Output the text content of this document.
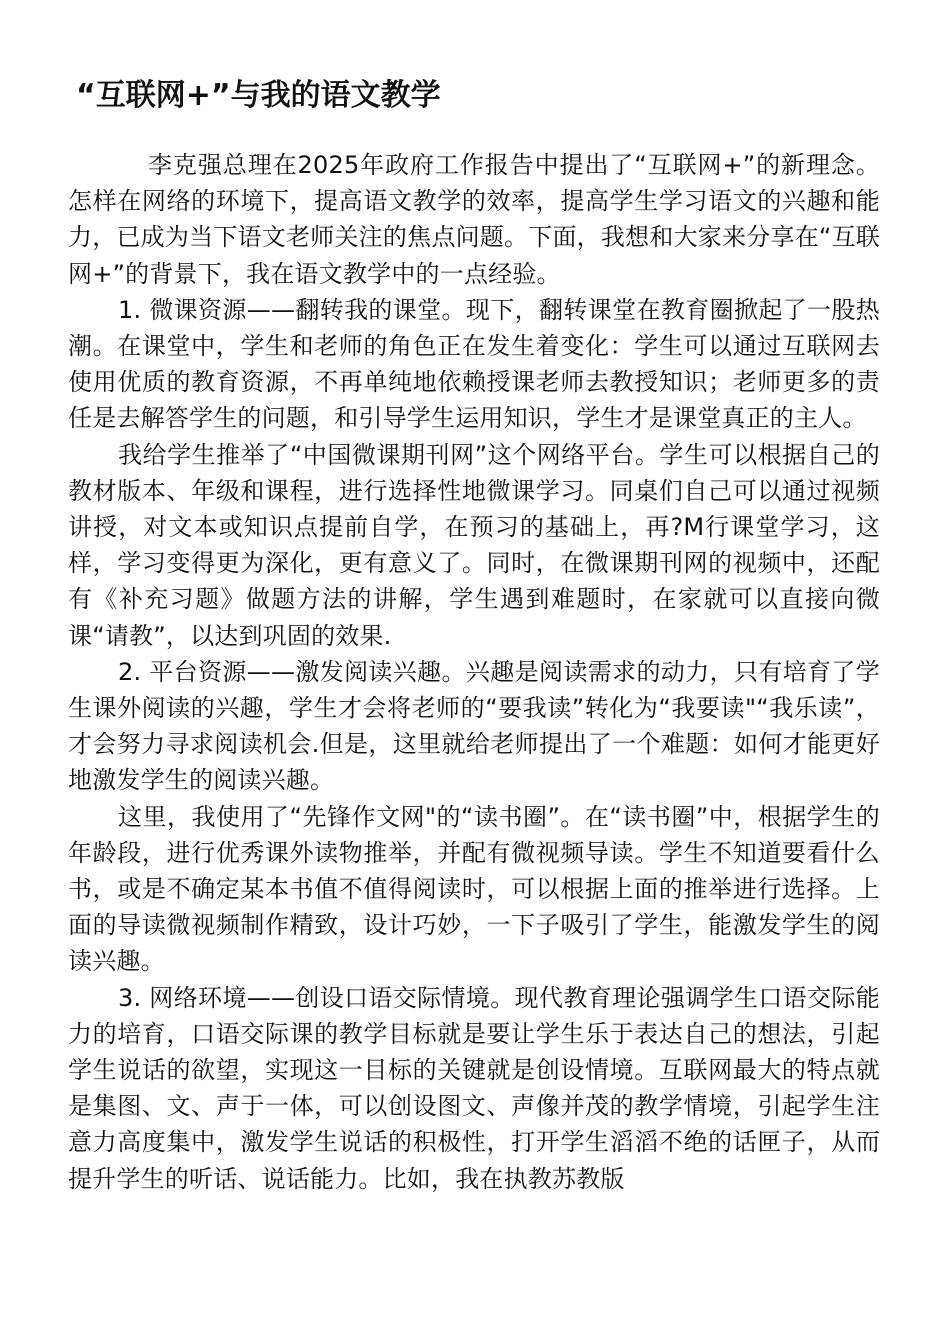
“互联网+”与我的语文教学

李克强总理在2025年政府工作报告中提出了“互联网+”的新理念。怎样在网络的环境下，提高语文教学的效率，提高学生学习语文的兴趣和能力，已成为当下语文老师关注的焦点问题。下面，我想和大家来分享在“互联网+”的背景下，我在语文教学中的一点经验。

1. 微课资源——翻转我的课堂。现下，翻转课堂在教育圈掀起了一股热潮。在课堂中，学生和老师的角色正在发生着变化：学生可以通过互联网去使用优质的教育资源，不再单纯地依赖授课老师去教授知识；老师更多的责任是去解答学生的问题，和引导学生运用知识，学生才是课堂真正的主人。

我给学生推举了“中国微课期刊网”这个网络平台。学生可以根据自己的教材版本、年级和课程，进行选择性地微课学习。同桌们自己可以通过视频讲授，对文本或知识点提前自学，在预习的基础上，再?M行课堂学习，这样，学习变得更为深化，更有意义了。同时，在微课期刊网的视频中，还配有《补充习题》做题方法的讲解，学生遇到难题时，在家就可以直接向微课“请教”，以达到巩固的效果.

2. 平台资源——激发阅读兴趣。兴趣是阅读需求的动力，只有培育了学生课外阅读的兴趣，学生才会将老师的“要我读”转化为“我要读"“我乐读”，才会努力寻求阅读机会.但是，这里就给老师提出了一个难题：如何才能更好地激发学生的阅读兴趣。

这里，我使用了“先锋作文网"的“读书圈”。在“读书圈”中，根据学生的年龄段，进行优秀课外读物推举，并配有微视频导读。学生不知道要看什么书，或是不确定某本书值不值得阅读时，可以根据上面的推举进行选择。上面的导读微视频制作精致，设计巧妙，一下子吸引了学生，能激发学生的阅读兴趣。

3. 网络环境——创设口语交际情境。现代教育理论强调学生口语交际能力的培育，口语交际课的教学目标就是要让学生乐于表达自己的想法，引起学生说话的欲望，实现这一目标的关键就是创设情境。互联网最大的特点就是集图、文、声于一体，可以创设图文、声像并茂的教学情境，引起学生注意力高度集中，激发学生说话的积极性，打开学生滔滔不绝的话匣子，从而提升学生的听话、说话能力。比如，我在执教苏教版
